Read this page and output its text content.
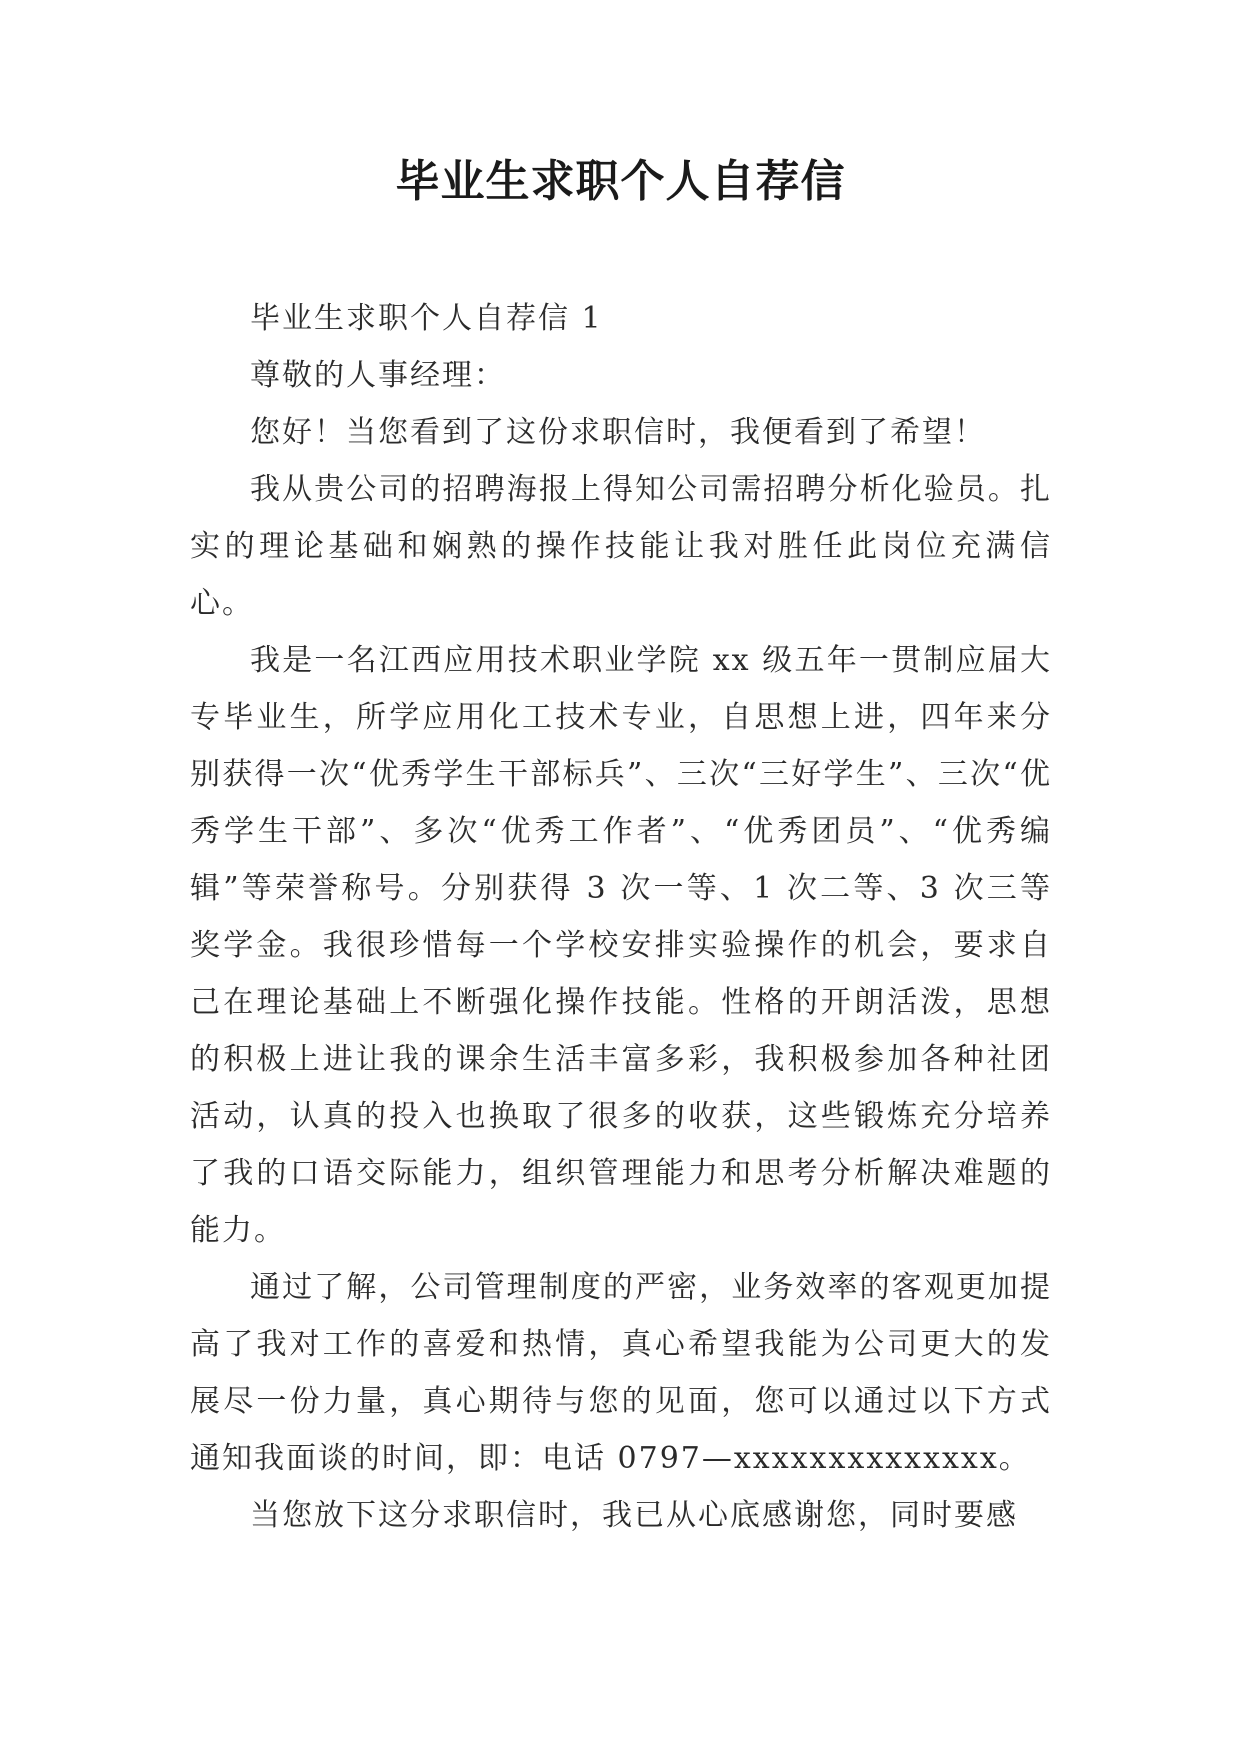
毕业生求职个人自荐信

毕业生求职个人自荐信 1

尊敬的人事经理：

您好！当您看到了这份求职信时，我便看到了希望！

我从贵公司的招聘海报上得知公司需招聘分析化验员。扎实的理论基础和娴熟的操作技能让我对胜任此岗位充满信心。

我是一名江西应用技术职业学院 xx 级五年一贯制应届大专毕业生，所学应用化工技术专业，自思想上进，四年来分别获得一次“优秀学生干部标兵”、三次“三好学生”、三次“优秀学生干部”、多次“优秀工作者”、“优秀团员”、“优秀编辑”等荣誉称号。分别获得 3 次一等、1 次二等、3 次三等奖学金。我很珍惜每一个学校安排实验操作的机会，要求自己在理论基础上不断强化操作技能。性格的开朗活泼，思想的积极上进让我的课余生活丰富多彩，我积极参加各种社团活动，认真的投入也换取了很多的收获，这些锻炼充分培养了我的口语交际能力，组织管理能力和思考分析解决难题的能力。

通过了解，公司管理制度的严密，业务效率的客观更加提高了我对工作的喜爱和热情，真心希望我能为公司更大的发展尽一份力量，真心期待与您的见面，您可以通过以下方式通知我面谈的时间，即：电话 0797—xxxxxxxxxxxxxx。

当您放下这分求职信时，我已从心底感谢您，同时要感
